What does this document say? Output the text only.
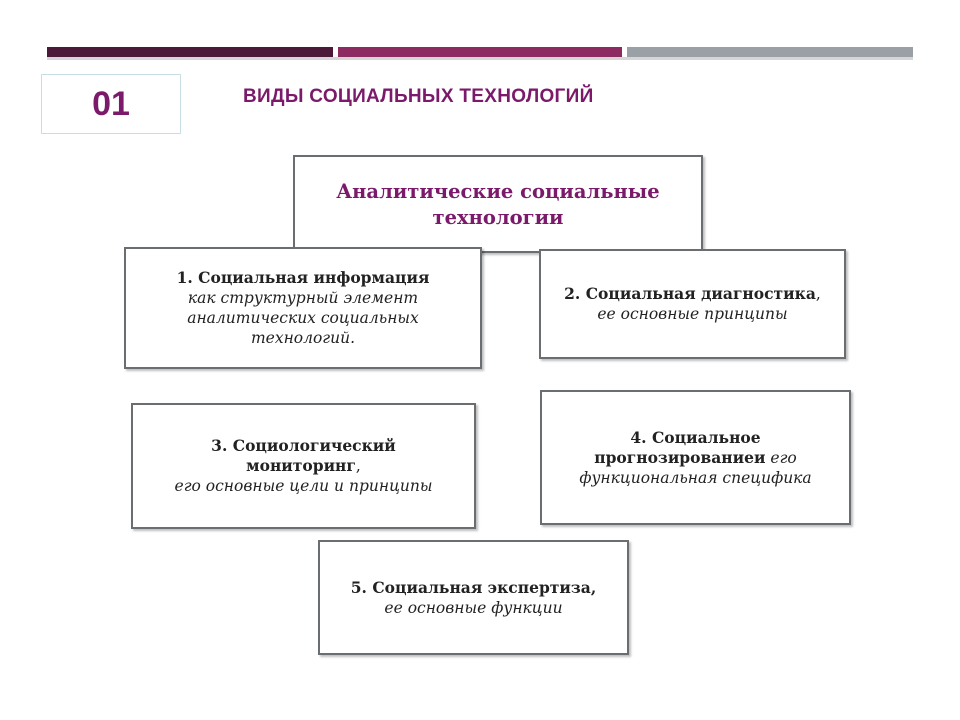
01	ВИДЫ СОЦИАЛЬНЫХ ТЕХНОЛОГИЙ
Аналитические социальные
технологии
1. Социальная информация
как структурный элемент
аналитических социальных
технологий.
2. Социальная диагностика,
ее основные принципы
3. Социологический
мониторинг,
его основные цели и принципы
4. Социальное
прогнозированиеи его
функциональная специфика
5. Социальная экспертиза,
ее основные функции
